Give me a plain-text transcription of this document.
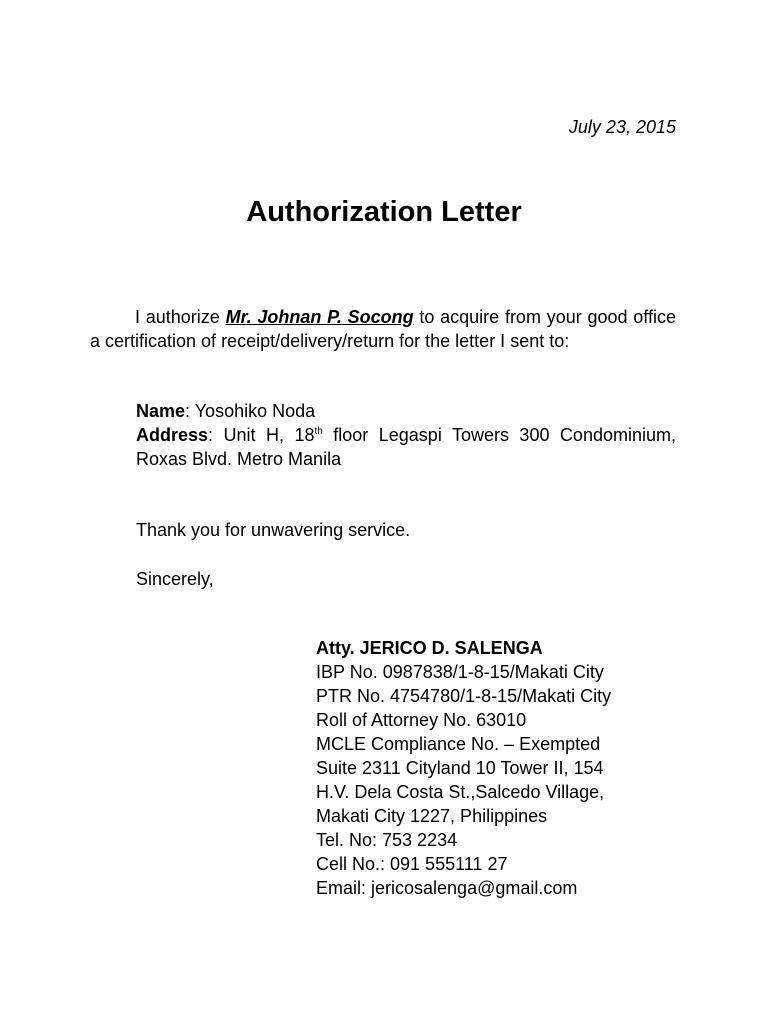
July 23, 2015
Authorization Letter
I authorize Mr. Johnan P. Socong to acquire from your good office a certification of receipt/delivery/return for the letter I sent to:
Name: Yosohiko Noda
Address: Unit H, 18th floor Legaspi Towers 300 Condominium, Roxas Blvd. Metro Manila
Thank you for unwavering service.
Sincerely,
Atty. JERICO D. SALENGA
IBP No. 0987838/1-8-15/Makati City
PTR No. 4754780/1-8-15/Makati City
Roll of Attorney No. 63010
MCLE Compliance No. – Exempted
Suite 2311 Cityland 10 Tower II, 154
H.V. Dela Costa St.,Salcedo Village,
Makati City 1227, Philippines
Tel. No: 753 2234
Cell No.: 091 555111 27
Email: jericosalenga@gmail.com
